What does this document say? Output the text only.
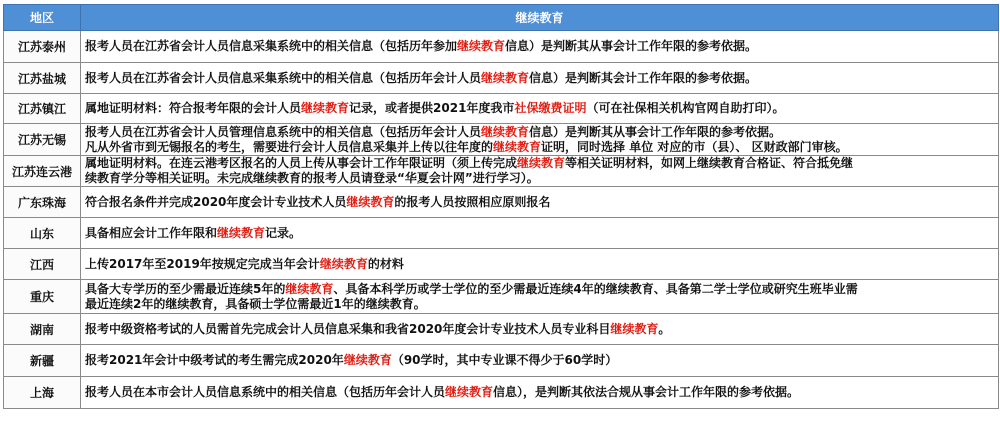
地区	继续教育
江苏泰州	报考人员在江苏省会计人员信息采集系统中的相关信息（包括历年参加继续教育信息）是判断其从事会计工作年限的参考依据。
江苏盐城	报考人员在江苏省会计人员信息采集系统中的相关信息（包括历年会计人员继续教育信息）是判断其会计工作年限的参考依据。
江苏镇江	属地证明材料：符合报考年限的会计人员继续教育记录，或者提供2021年度我市社保缴费证明（可在社保相关机构官网自助打印）。
江苏无锡	报考人员在江苏省会计人员管理信息系统中的相关信息（包括历年会计人员继续教育信息）是判断其从事会计工作年限的参考依据。
凡从外省市到无锡报名的考生，需要进行会计人员信息采集并上传以往年度的继续教育证明，同时选择 单位 对应的市（县）、 区财政部门审核。
江苏连云港	属地证明材料。在连云港考区报名的人员上传从事会计工作年限证明（须上传完成继续教育等相关证明材料，如网上继续教育合格证、符合抵免继
续教育学分等相关证明。未完成继续教育的报考人员请登录“华夏会计网”进行学习）。
广东珠海	符合报名条件并完成2020年度会计专业技术人员继续教育的报考人员按照相应原则报名
山东	具备相应会计工作年限和继续教育记录。
江西	上传2017年至2019年按规定完成当年会计继续教育的材料
重庆	具备大专学历的至少需最近连续5年的继续教育、具备本科学历或学士学位的至少需最近连续4年的继续教育、具备第二学士学位或研究生班毕业需
最近连续2年的继续教育，具备硕士学位需最近1年的继续教育。
湖南	报考中级资格考试的人员需首先完成会计人员信息采集和我省2020年度会计专业技术人员专业科目继续教育。
新疆	报考2021年会计中级考试的考生需完成2020年继续教育（90学时，其中专业课不得少于60学时）
上海	报考人员在本市会计人员信息系统中的相关信息（包括历年会计人员继续教育信息），是判断其依法合规从事会计工作年限的参考依据。
